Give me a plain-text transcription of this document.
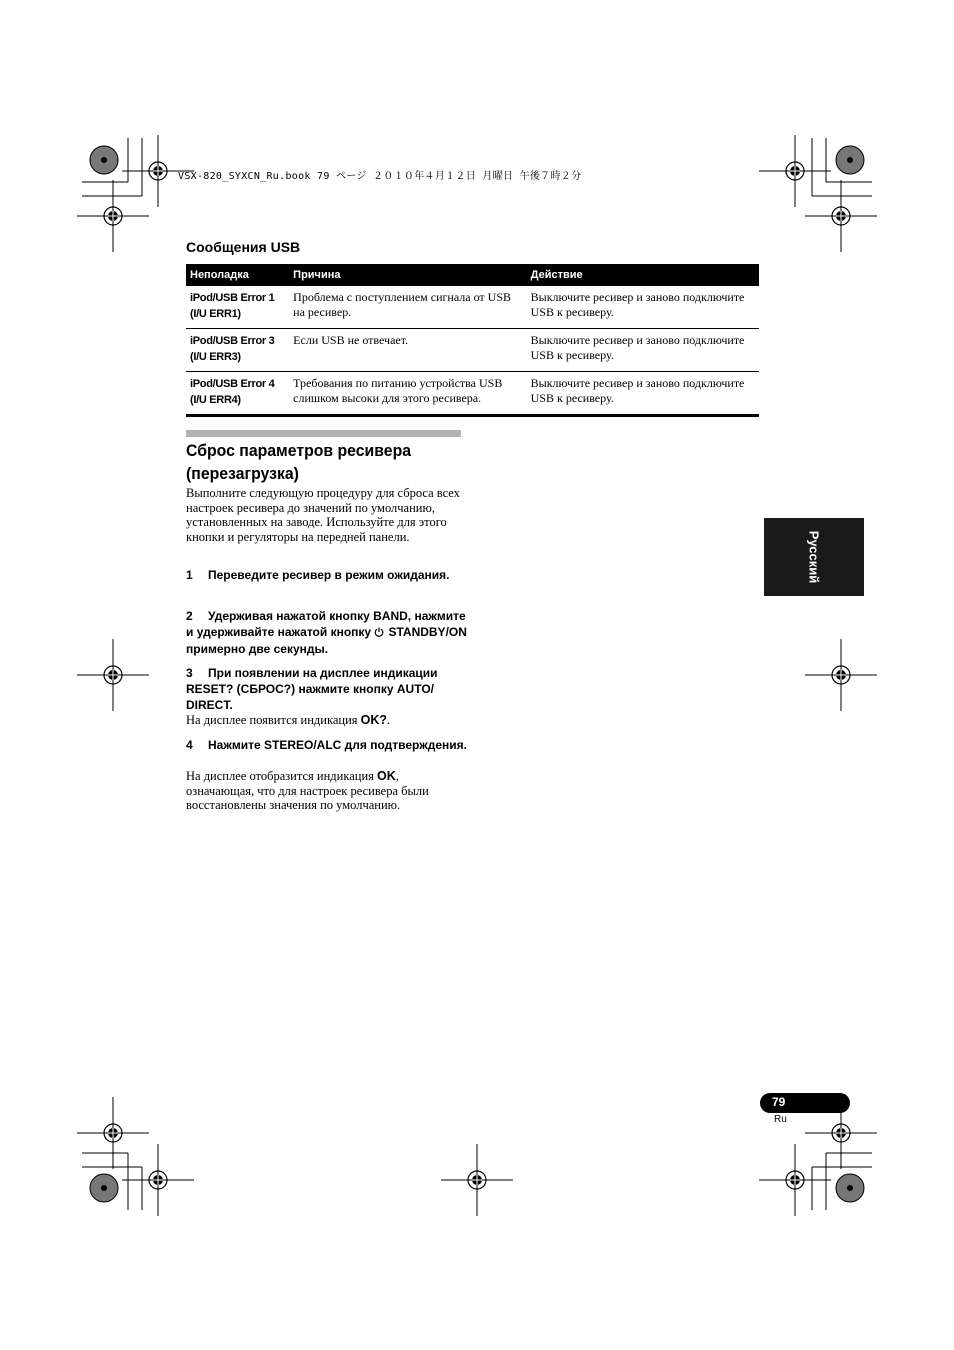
VSX-820_SYXCN_Ru.book 79 ページ ２０１０年４月１２日 月曜日 午後７時２分
Сообщения USB
Неполадка	Причина	Действие

iPod/USB Error 1
(I/U ERR1)	Проблема с поступлением сигнала от USB на ресивер.	Выключите ресивер и заново подключите USB к ресиверу.

iPod/USB Error 3
(I/U ERR3)	Если USB не отвечает.	Выключите ресивер и заново подключите USB к ресиверу.

iPod/USB Error 4
(I/U ERR4)	Требования по питанию устройства USB слишком высоки для этого ресивера.	Выключите ресивер и заново подключите USB к ресиверу.
Сброс параметров ресивера
(перезагрузка)
Выполните следующую процедуру для сброса всех настроек ресивера до значений по умолчанию, установленных на заводе. Используйте для этого кнопки и регуляторы на передней панели.
1 Переведите ресивер в режим ожидания.
2 Удерживая нажатой кнопку BAND, нажмите и удерживайте нажатой кнопку STANDBY/ON примерно две секунды.
3 При появлении на дисплее индикации RESET? (СБРОС?) нажмите кнопку AUTO/ DIRECT.
На дисплее появится индикация OK?.
4 Нажмите STEREO/ALC для подтверждения.
На дисплее отобразится индикация OK, означающая, что для настроек ресивера были восстановлены значения по умолчанию.
Русский
79
Ru
